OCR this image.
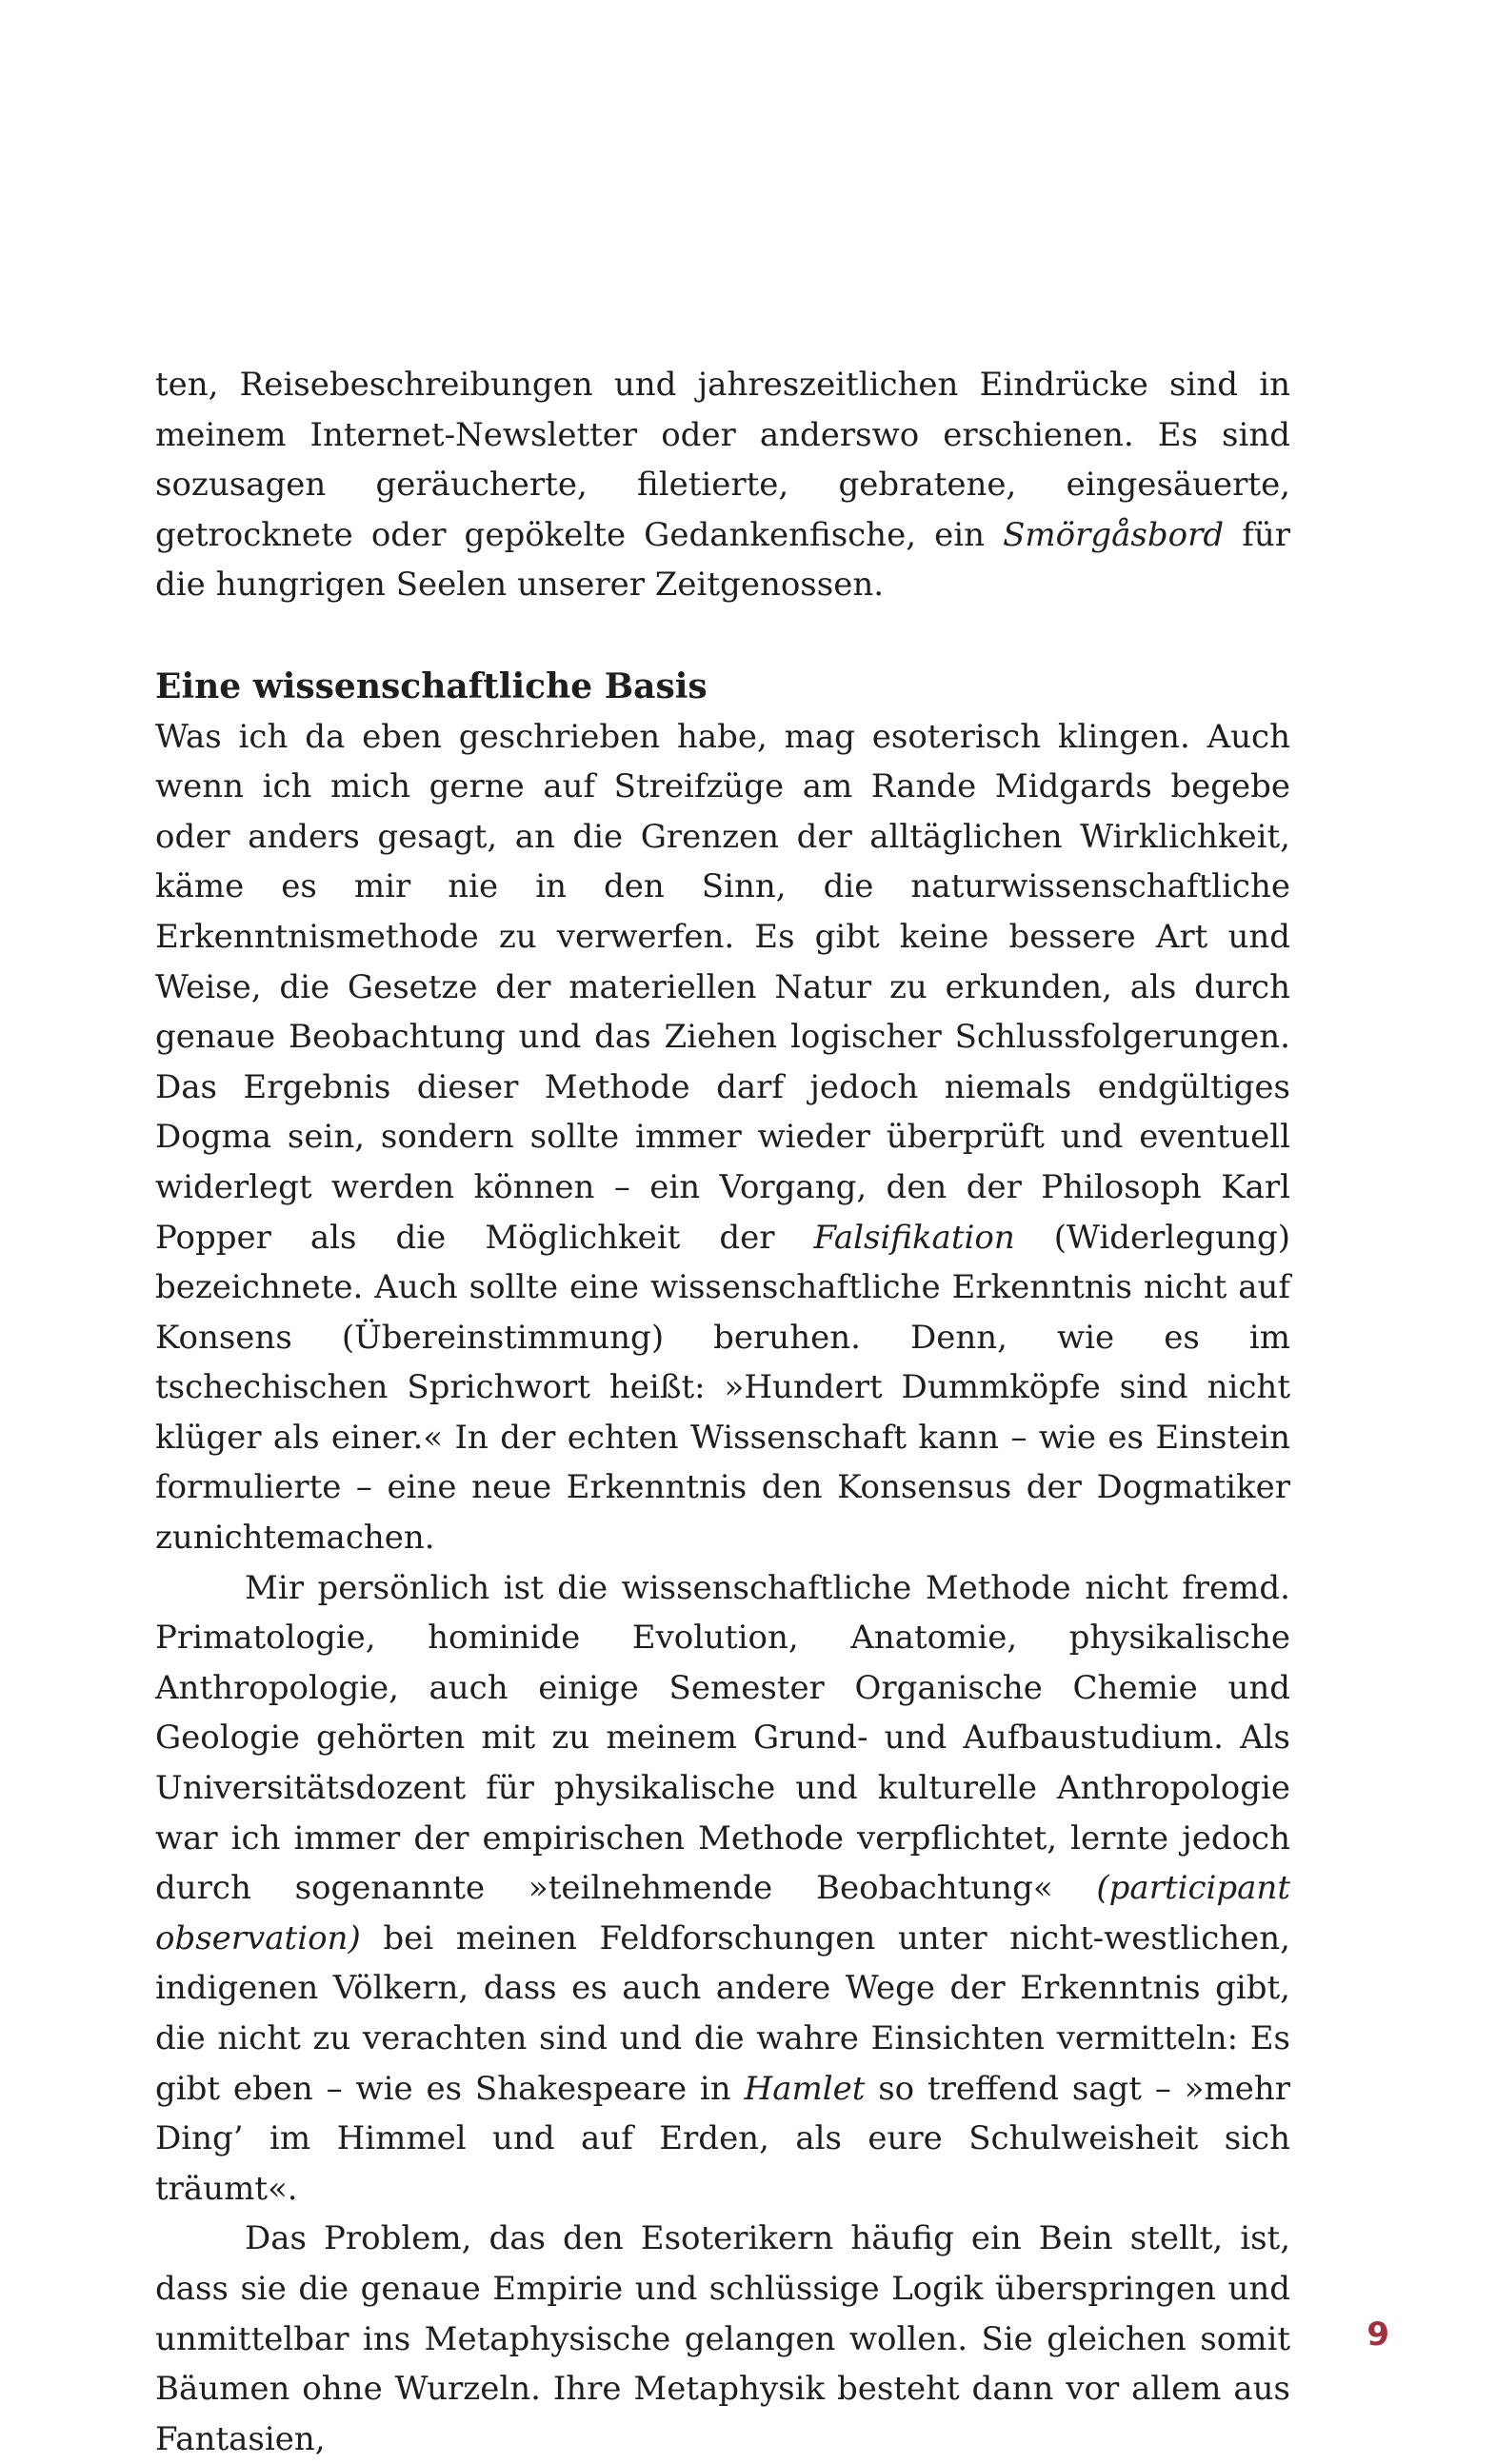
ten, Reisebeschreibungen und jahreszeitlichen Eindrücke sind in meinem Internet-Newsletter oder anderswo erschienen. Es sind sozusagen geräucherte, filetierte, gebratene, eingesäuerte, getrocknete oder gepökelte Gedankenfische, ein Smörgåsbord für die hungrigen Seelen unserer Zeitgenossen.

Eine wissenschaftliche Basis

Was ich da eben geschrieben habe, mag esoterisch klingen. Auch wenn ich mich gerne auf Streifzüge am Rande Midgards begebe oder anders gesagt, an die Grenzen der alltäglichen Wirklichkeit, käme es mir nie in den Sinn, die naturwissenschaftliche Erkenntnismethode zu verwerfen. Es gibt keine bessere Art und Weise, die Gesetze der materiellen Natur zu erkunden, als durch genaue Beobachtung und das Ziehen logischer Schlussfolgerungen. Das Ergebnis dieser Methode darf jedoch niemals endgültiges Dogma sein, sondern sollte immer wieder überprüft und eventuell widerlegt werden können – ein Vorgang, den der Philosoph Karl Popper als die Möglichkeit der Falsifikation (Widerlegung) bezeichnete. Auch sollte eine wissenschaftliche Erkenntnis nicht auf Konsens (Übereinstimmung) beruhen. Denn, wie es im tschechischen Sprichwort heißt: »Hundert Dummköpfe sind nicht klüger als einer.« In der echten Wissenschaft kann – wie es Einstein formulierte – eine neue Erkenntnis den Konsensus der Dogmatiker zunichtemachen.

Mir persönlich ist die wissenschaftliche Methode nicht fremd. Primatologie, hominide Evolution, Anatomie, physikalische Anthropologie, auch einige Semester Organische Chemie und Geologie gehörten mit zu meinem Grund- und Aufbaustudium. Als Universitätsdozent für physikalische und kulturelle Anthropologie war ich immer der empirischen Methode verpflichtet, lernte jedoch durch sogenannte »teilnehmende Beobachtung« (participant observation) bei meinen Feldforschungen unter nicht-westlichen, indigenen Völkern, dass es auch andere Wege der Erkenntnis gibt, die nicht zu verachten sind und die wahre Einsichten vermitteln: Es gibt eben – wie es Shakespeare in Hamlet so treffend sagt – »mehr Ding’ im Himmel und auf Erden, als eure Schulweisheit sich träumt«.

Das Problem, das den Esoterikern häufig ein Bein stellt, ist, dass sie die genaue Empirie und schlüssige Logik überspringen und unmittelbar ins Metaphysische gelangen wollen. Sie gleichen somit Bäumen ohne Wurzeln. Ihre Metaphysik besteht dann vor allem aus Fantasien,

9
